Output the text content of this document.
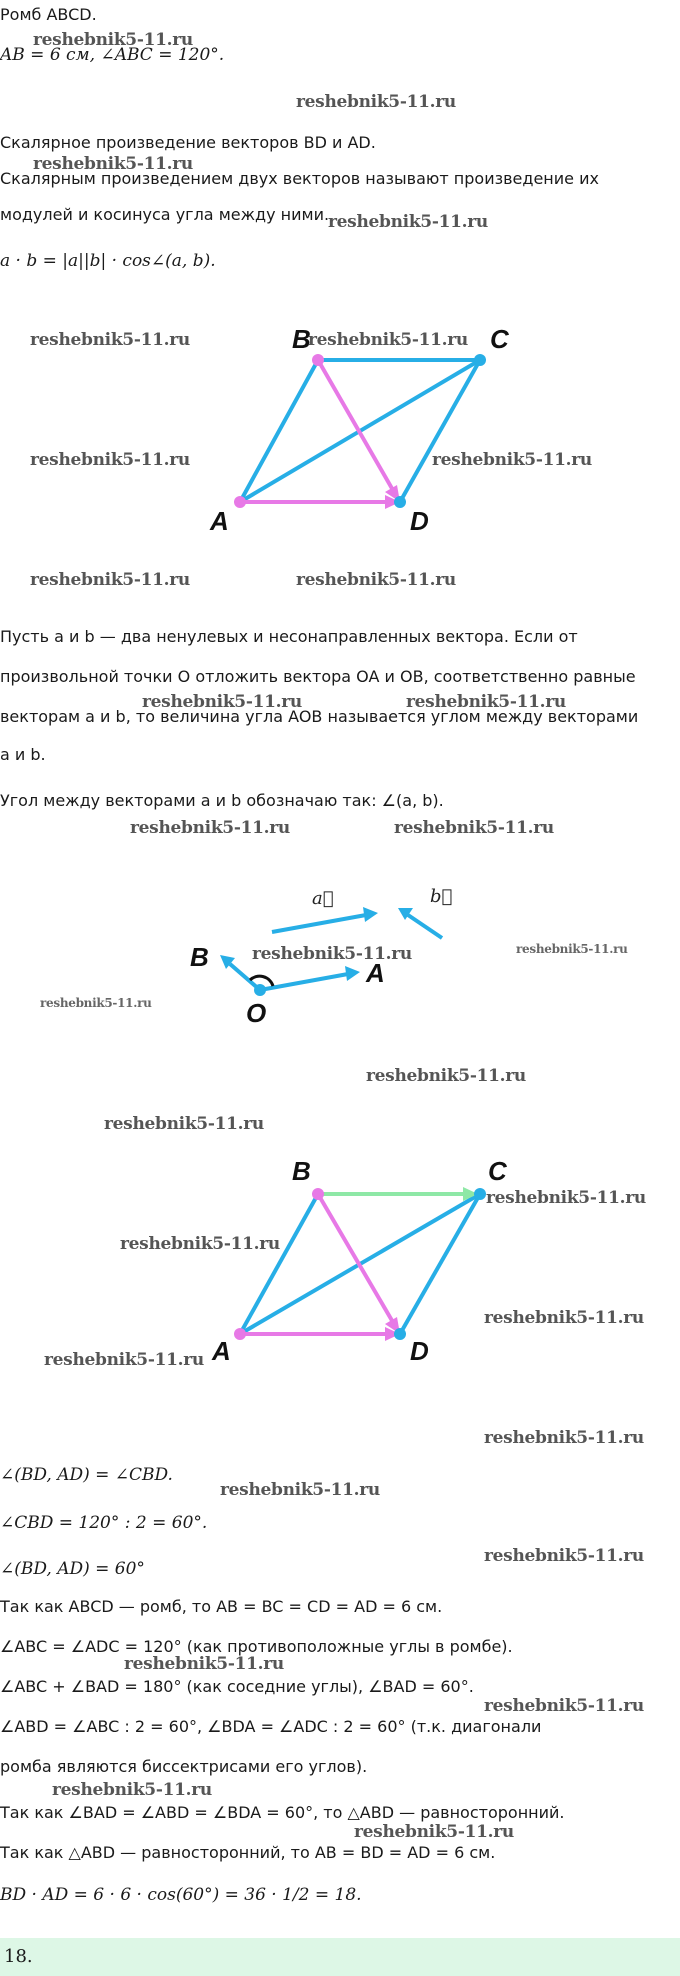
Ромб ABCD.
AB = 6 см, ∠ABC = 120°.
Скалярное произведение векторов BD и AD.
Скалярным произведением двух векторов называют произведение их
модулей и косинуса угла между ними.
a · b = |a||b| · cos∠(a, b).
B	C
A	D
Пусть a и b — два ненулевых и несонаправленных вектора. Если от
произвольной точки O отложить вектора OA и OB, соответственно равные
векторам a и b, то величина угла AOB называется углом между векторами
a и b.
Угол между векторами a и b обозначаю так: ∠(a, b).
a⃗	b⃗
B
A
O
B	C
A	D
∠(BD, AD) = ∠CBD.
∠CBD = 120° : 2 = 60°.
∠(BD, AD) = 60°
Так как ABCD — ромб, то AB = BC = CD = AD = 6 см.
∠ABC = ∠ADC = 120° (как противоположные углы в ромбе).
∠ABC + ∠BAD = 180° (как соседние углы), ∠BAD = 60°.
∠ABD = ∠ABC : 2 = 60°, ∠BDA = ∠ADC : 2 = 60° (т.к. диагонали
ромба являются биссектрисами его углов).
Так как ∠BAD = ∠ABD = ∠BDA = 60°, то △ABD — равносторонний.
Так как △ABD — равносторонний, то AB = BD = AD = 6 см.
BD · AD = 6 · 6 · cos(60°) = 36 · 1/2 = 18.
18.
reshebnik5-11.ru
reshebnik5-11.ru
reshebnik5-11.ru
reshebnik5-11.ru
reshebnik5-11.ru	reshebnik5-11.ru
reshebnik5-11.ru	reshebnik5-11.ru
reshebnik5-11.ru	reshebnik5-11.ru
reshebnik5-11.ru	reshebnik5-11.ru
reshebnik5-11.ru	reshebnik5-11.ru
reshebnik5-11.ru	reshebnik5-11.ru
reshebnik5-11.ru
reshebnik5-11.ru
reshebnik5-11.ru
reshebnik5-11.ru
reshebnik5-11.ru
reshebnik5-11.ru
reshebnik5-11.ru
reshebnik5-11.ru
reshebnik5-11.ru
reshebnik5-11.ru
reshebnik5-11.ru
reshebnik5-11.ru
reshebnik5-11.ru
reshebnik5-11.ru
